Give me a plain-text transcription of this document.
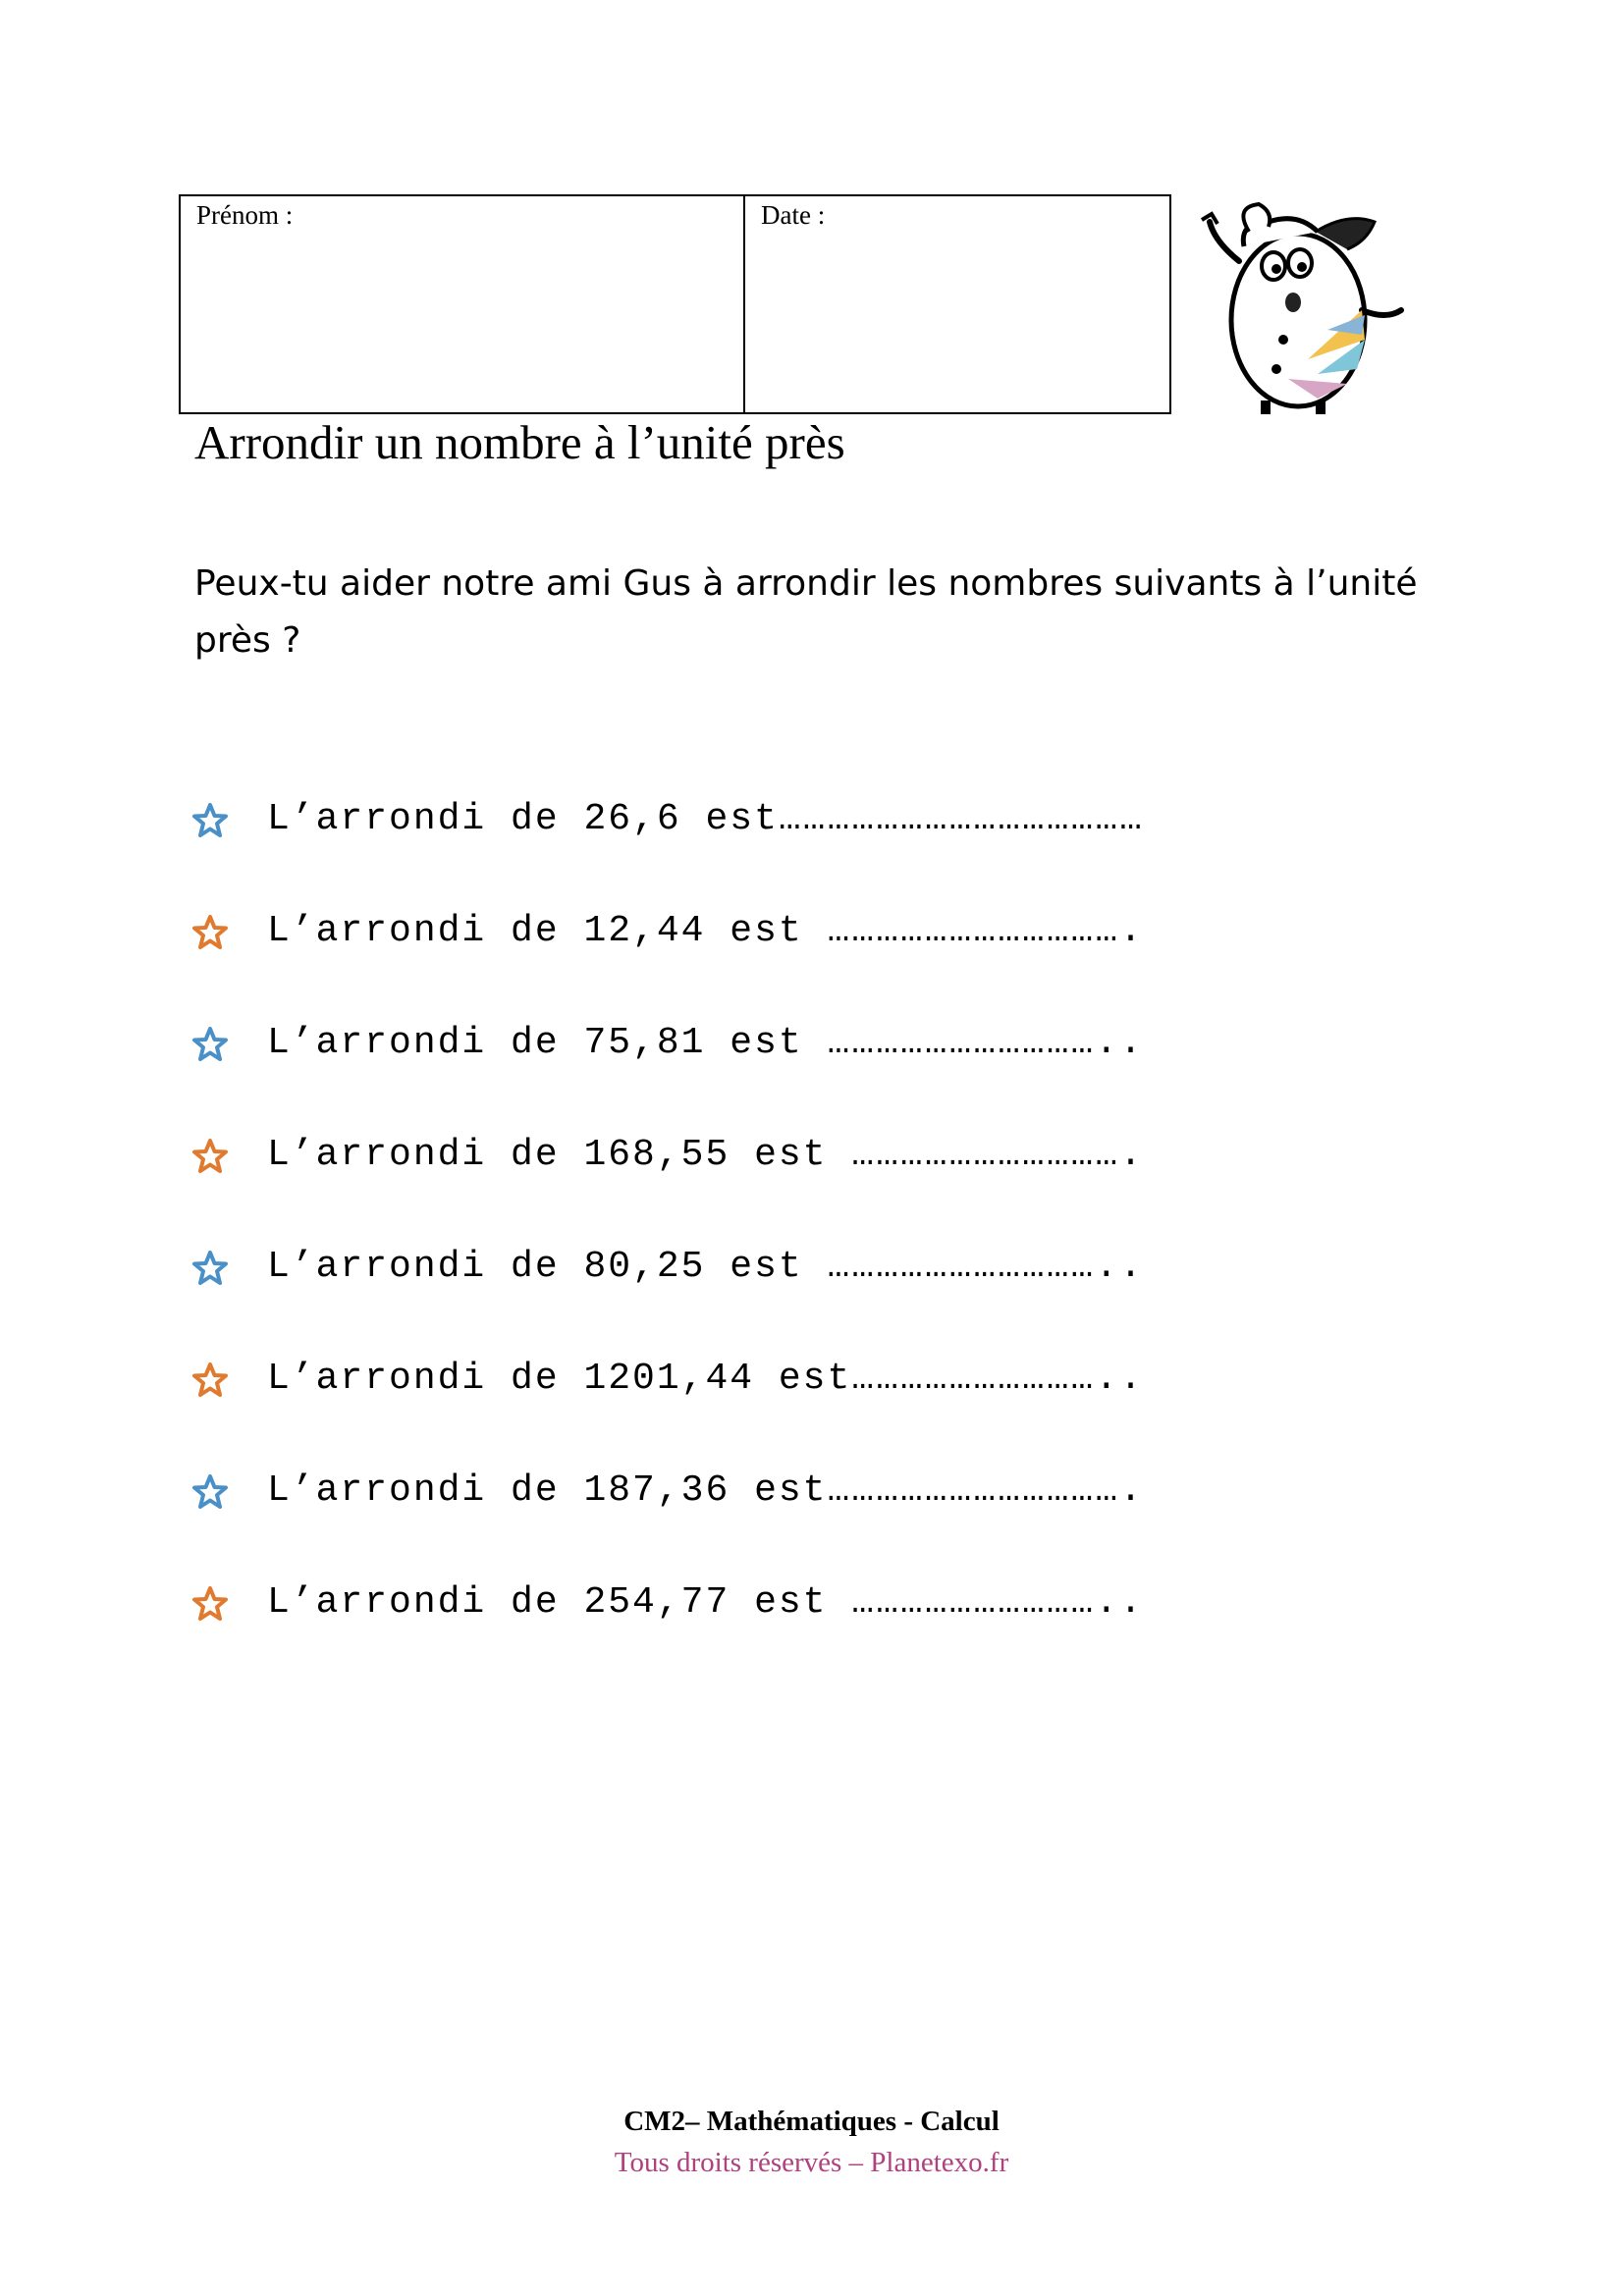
Prénom :	Date :
Arrondir un nombre à l’unité près

Peux-tu aider notre ami Gus à arrondir les nombres suivants à l’unité près ?

L’arrondi de 26,6 est………………………………………
L’arrondi de 12,44 est ……………………………….
L’arrondi de 75,81 est ……………………………..
L’arrondi de 168,55 est …………………………….
L’arrondi de 80,25 est ……………………………..
L’arrondi de 1201,44 est…………………………..
L’arrondi de 187,36 est……………………………….
L’arrondi de 254,77 est …………………………..
CM2– Mathématiques - Calcul
Tous droits réservés – Planetexo.fr
